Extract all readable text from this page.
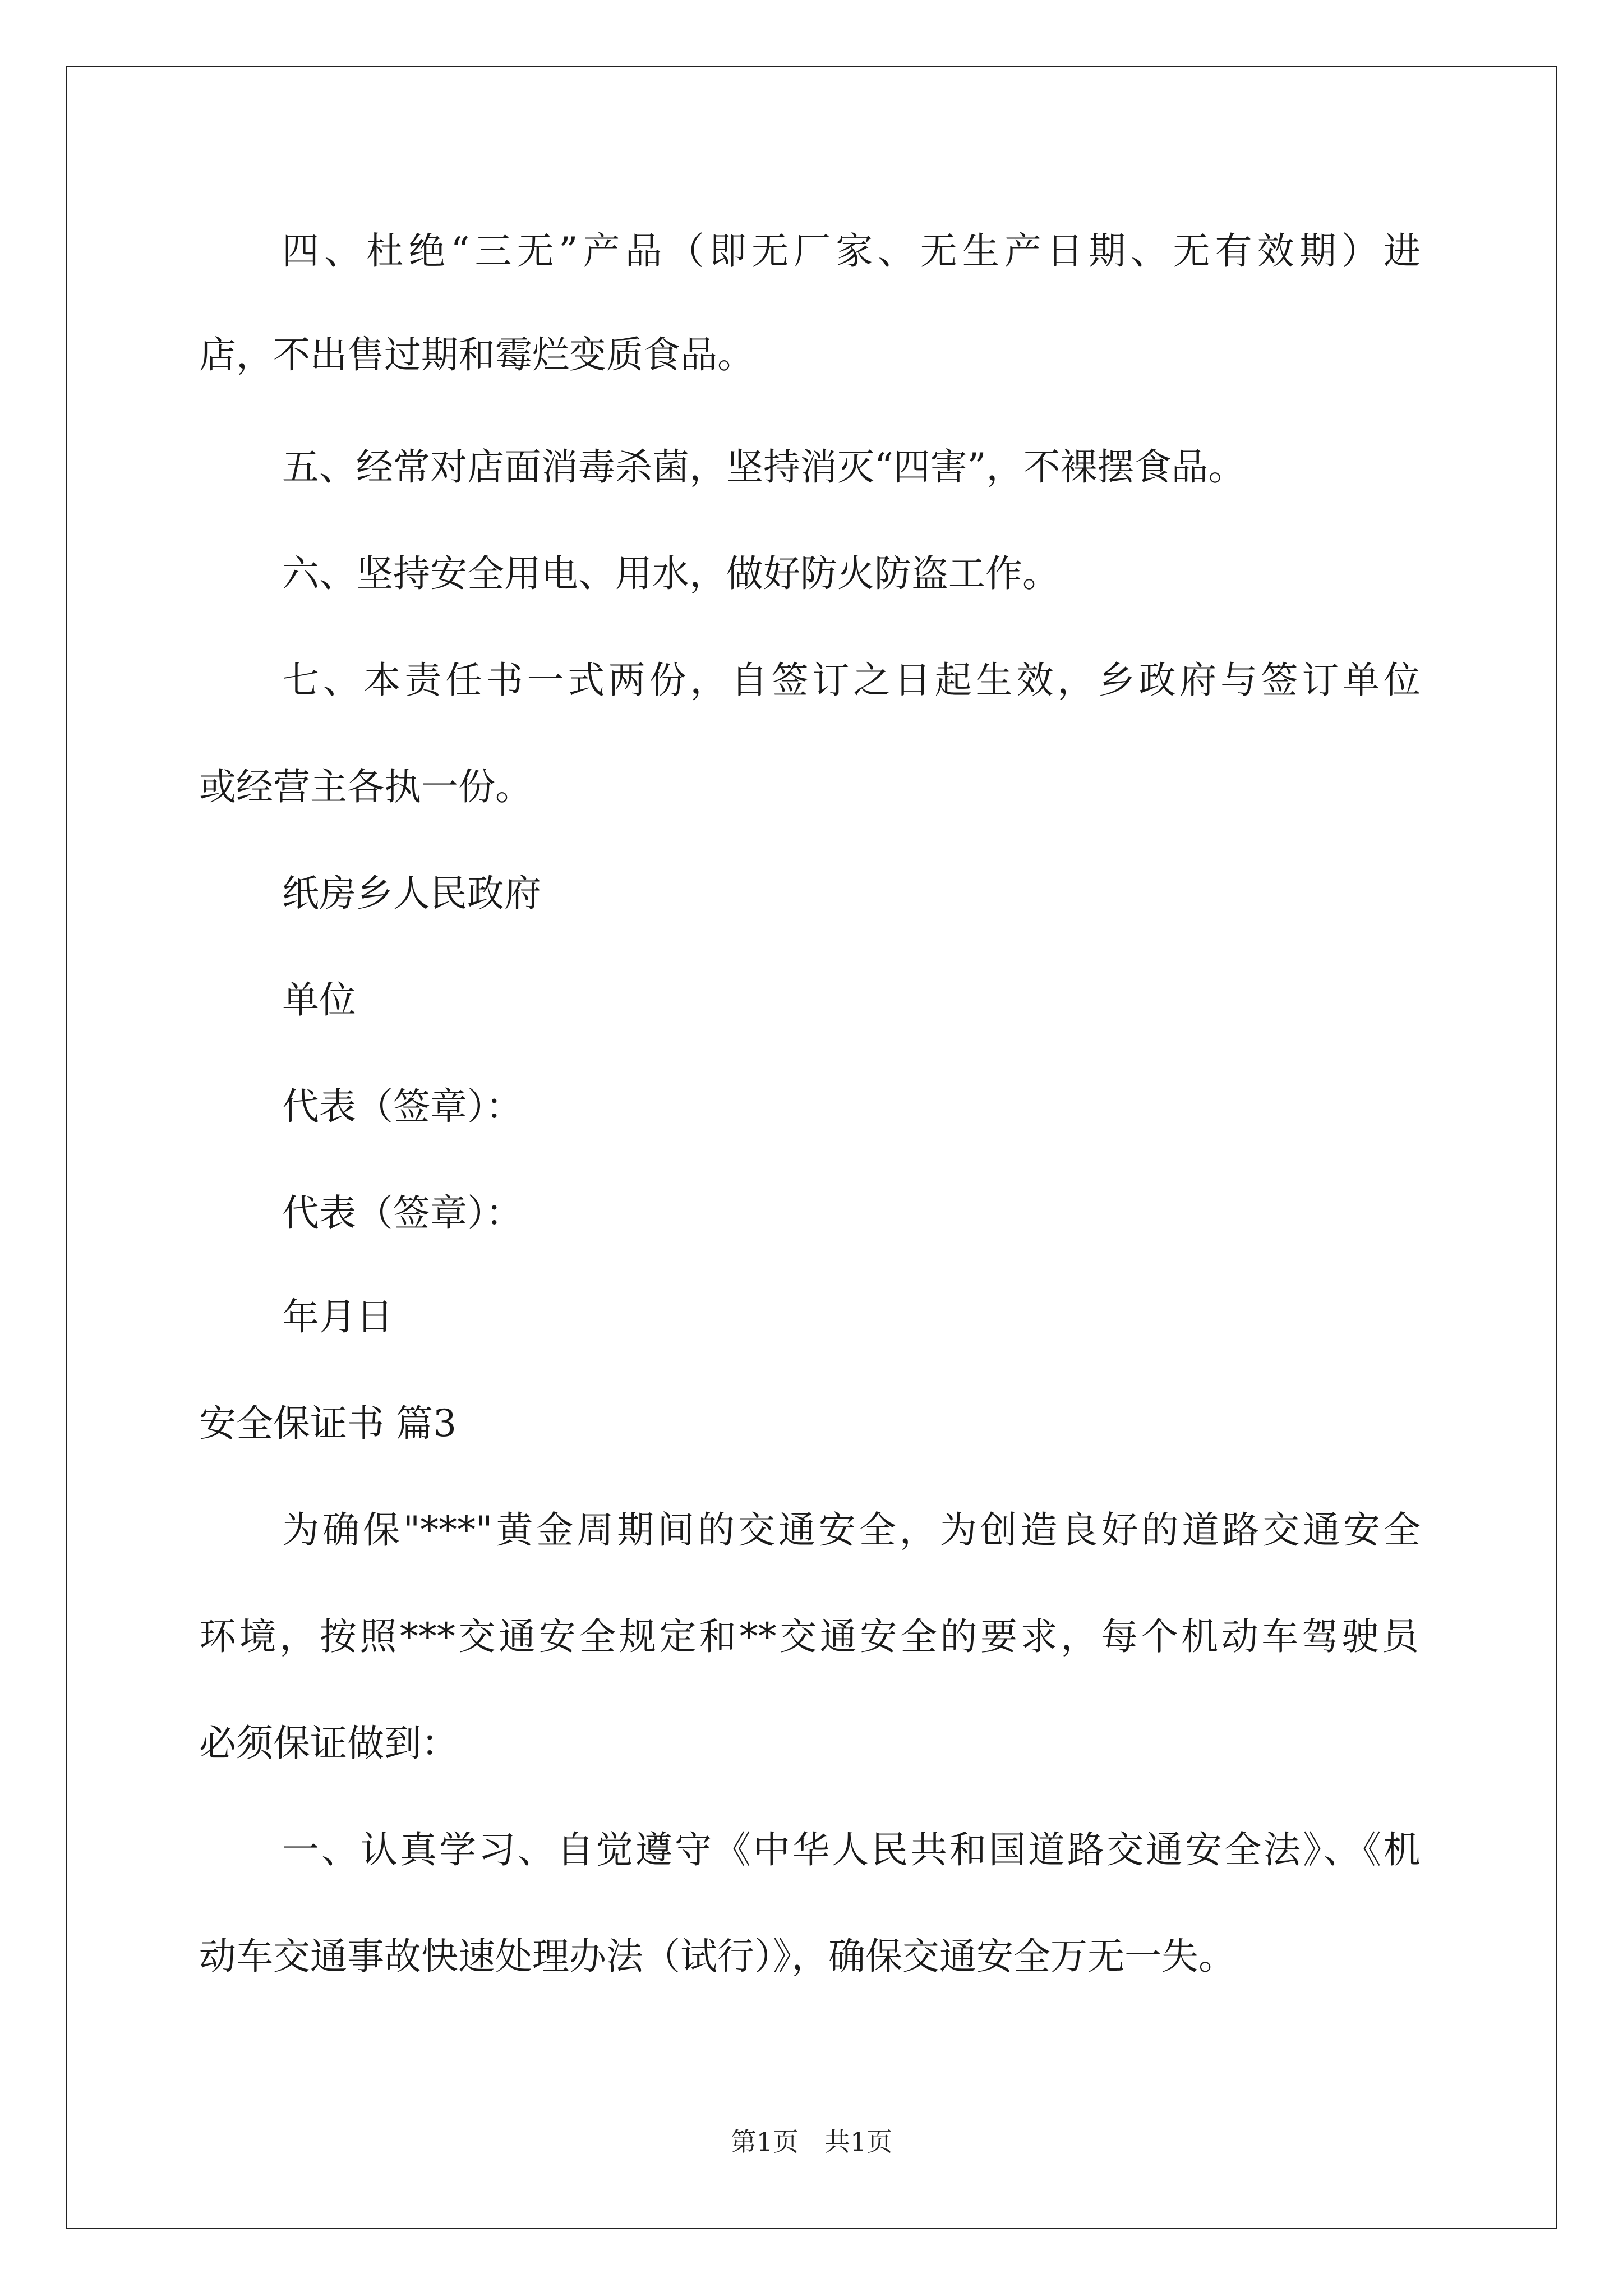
四、杜绝“三无”产品（即无厂家、无生产日期、无有效期）进
店，不出售过期和霉烂变质食品。
五、经常对店面消毒杀菌，坚持消灭“四害”，不裸摆食品。
六、坚持安全用电、用水，做好防火防盗工作。
七、本责任书一式两份，自签订之日起生效，乡政府与签订单位
或经营主各执一份。
纸房乡人民政府
单位
代表（签章）：
代表（签章）：
年月日
安全保证书 篇3
为确保"***"黄金周期间的交通安全，为创造良好的道路交通安全
环境，按照***交通安全规定和**交通安全的要求，每个机动车驾驶员
必须保证做到：
一、认真学习、自觉遵守《中华人民共和国道路交通安全法》、《机
动车交通事故快速处理办法（试行）》，确保交通安全万无一失。
第1页　共1页
